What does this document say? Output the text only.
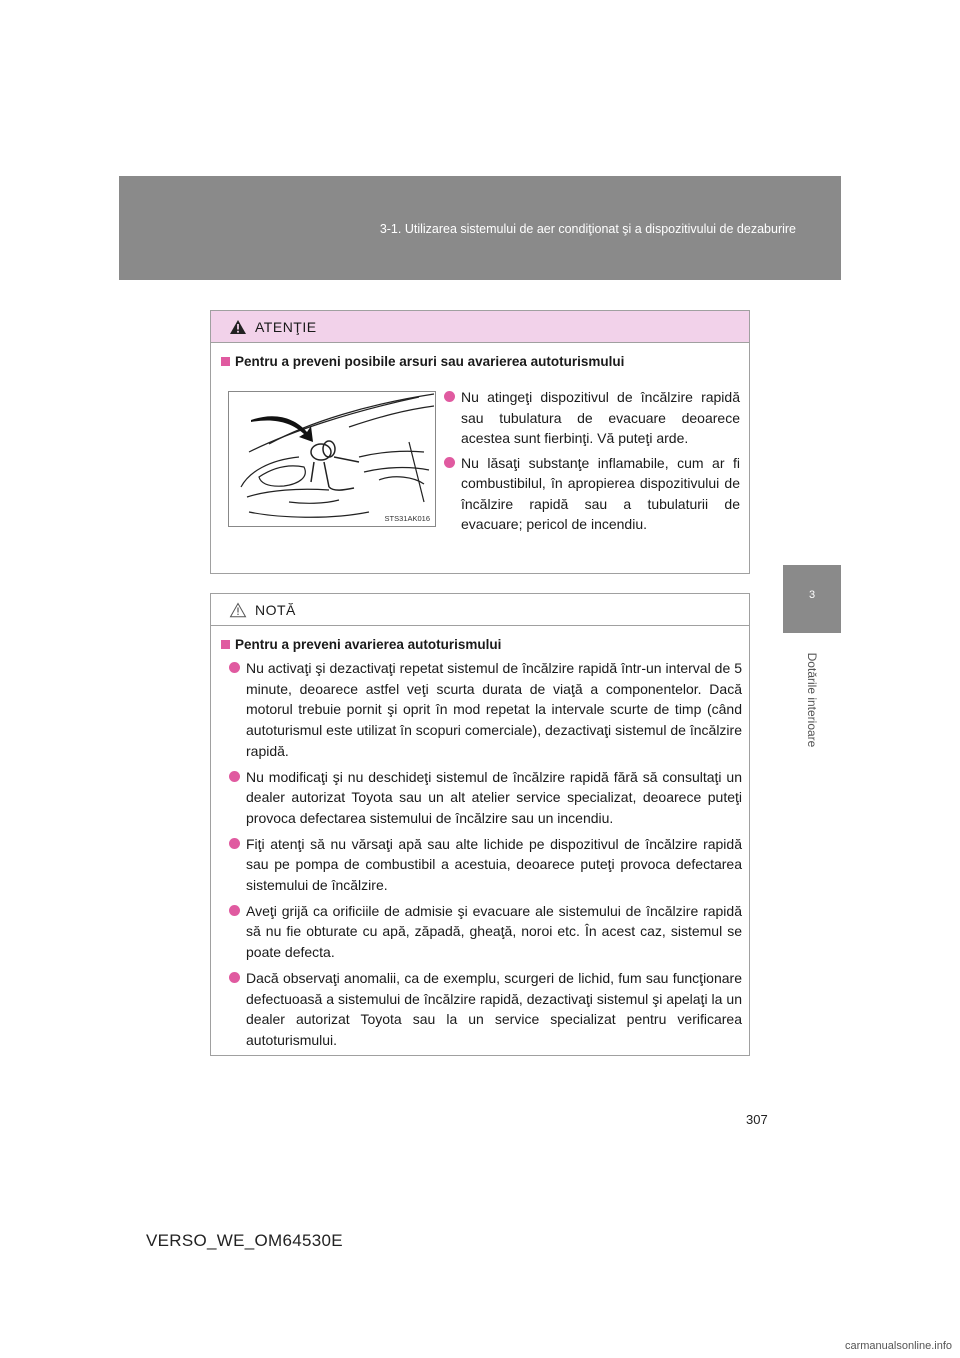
3-1. Utilizarea sistemului de aer condiţionat şi a dispozitivului de dezaburire
3
Dotările interioare
ATENŢIE
Pentru a preveni posibile arsuri sau avarierea autoturismului
STS31AK016
Nu atingeţi dispozitivul de încălzire rapidă sau tubulatura de evacuare deoarece acestea sunt fierbinţi. Vă puteţi arde.
Nu lăsaţi substanţe inflamabile, cum ar fi combustibilul, în apropierea dispozitivului de încălzire rapidă sau a tubulaturii de evacuare; pericol de incendiu.
NOTĂ
Pentru a preveni avarierea autoturismului
Nu activaţi şi dezactivaţi repetat sistemul de încălzire rapidă într-un interval de 5 minute, deoarece astfel veţi scurta durata de viaţă a componentelor. Dacă motorul trebuie pornit şi oprit în mod repetat la intervale scurte de timp (când autoturismul este utilizat în scopuri comerciale), dezactivaţi sistemul de încălzire rapidă.
Nu modificaţi şi nu deschideţi sistemul de încălzire rapidă fără să consultaţi un dealer autorizat Toyota sau un alt atelier service specializat, deoarece puteţi provoca defectarea sistemului de încălzire sau un incendiu.
Fiţi atenţi să nu vărsaţi apă sau alte lichide pe dispozitivul de încălzire rapidă sau pe pompa de combustibil a acestuia, deoarece puteţi provoca defectarea sistemului de încălzire.
Aveţi grijă ca orificiile de admisie şi evacuare ale sistemului de încălzire rapidă să nu fie obturate cu apă, zăpadă, gheaţă, noroi etc. În acest caz, sistemul se poate defecta.
Dacă observaţi anomalii, ca de exemplu, scurgeri de lichid, fum sau funcţionare defectuoasă a sistemului de încălzire rapidă, dezactivaţi sistemul şi apelaţi la un dealer autorizat Toyota sau la un service specializat pentru verificarea autoturismului.
307
VERSO_WE_OM64530E
carmanualsonline.info
